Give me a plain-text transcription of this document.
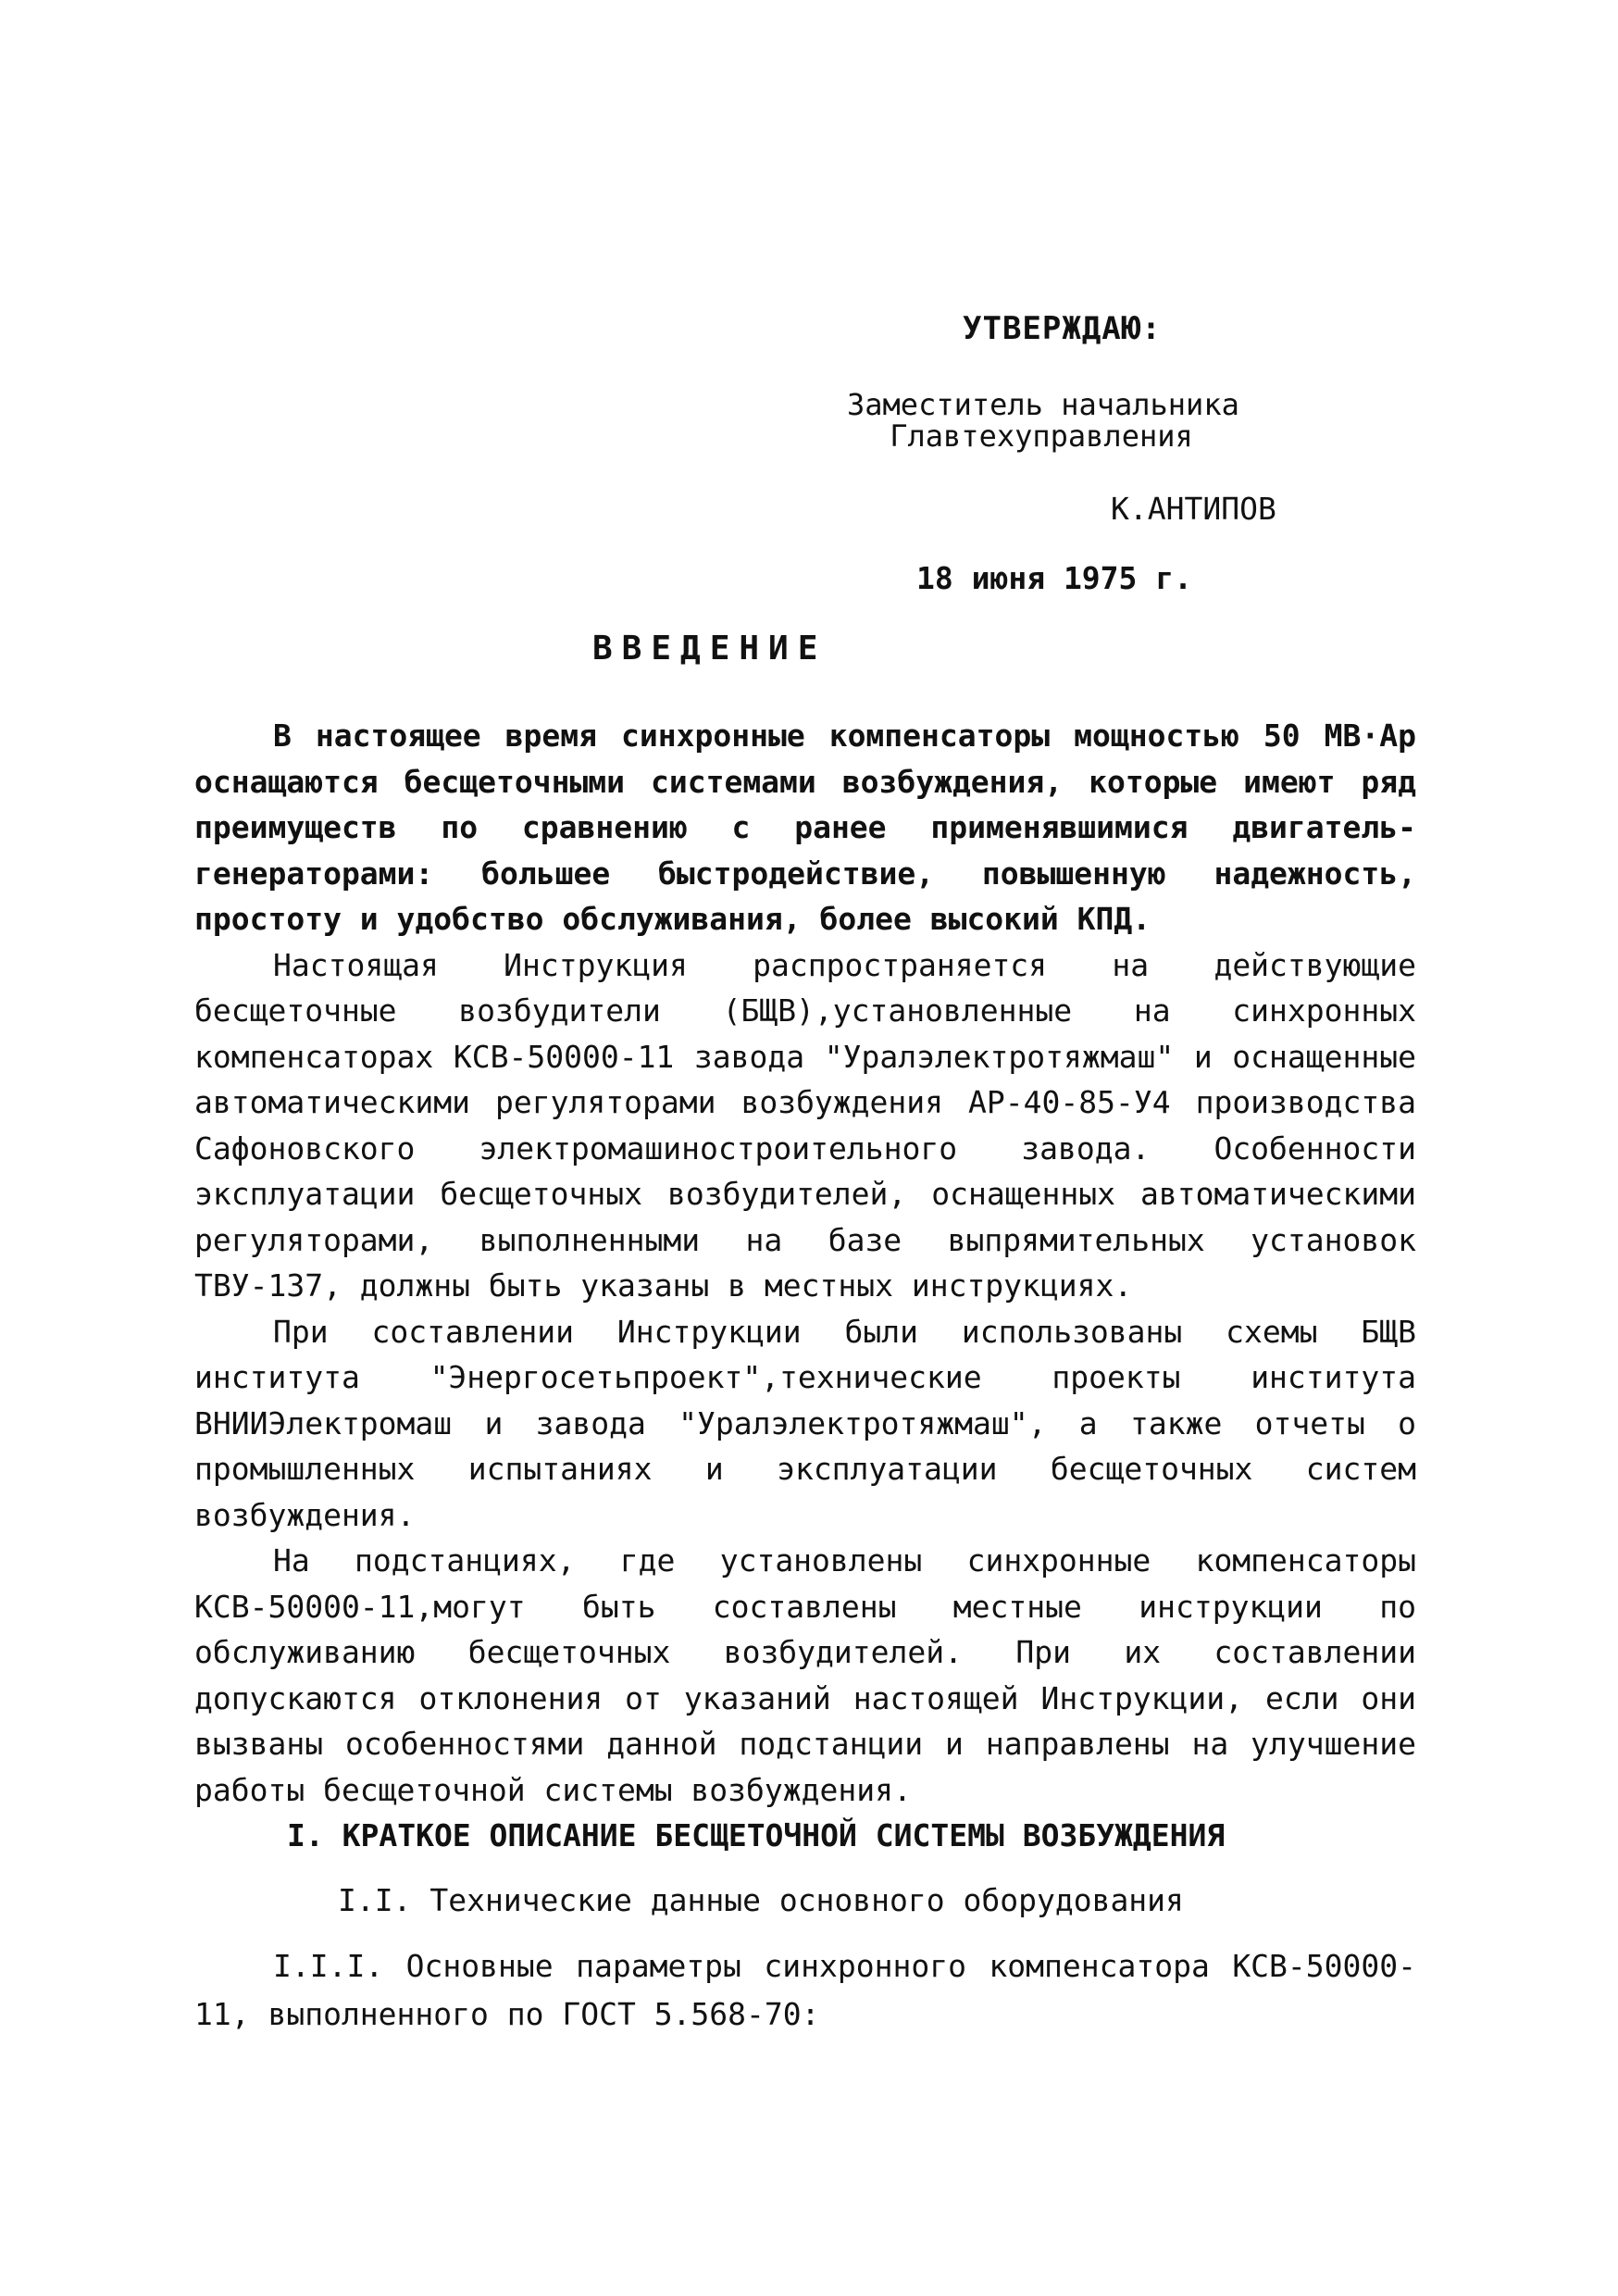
УТВЕРЖДАЮ:
Заместитель начальника
Главтехуправления
К.АНТИПОВ
18 июня 1975 г.
ВВЕДЕНИЕ

В настоящее время синхронные компенсаторы мощностью 50 МВ·Ар оснащаются бесщеточными системами возбуждения, которые имеют ряд преимуществ по сравнению с ранее применявшимися двигатель-генераторами: большее быстродействие, повышенную надежность, простоту и удобство обслуживания, более высокий КПД.

Настоящая Инструкция распространяется на действующие бесщеточные возбудители (БЩВ),установленные на синхронных компенсаторах КСВ-50000-11 завода "Уралэлектротяжмаш" и оснащенные автоматическими регуляторами возбуждения АР-40-85-У4 производства Сафоновского электромашиностроительного завода. Особенности эксплуатации бесщеточных возбудителей, оснащенных автоматическими регуляторами, выполненными на базе выпрямительных установок ТВУ-137, должны быть указаны в местных инструкциях.

При составлении Инструкции были использованы схемы БЩВ института "Энергосетьпроект",технические проекты института ВНИИЭлектромаш и завода "Уралэлектротяжмаш", а также отчеты о промышленных испытаниях и эксплуатации бесщеточных систем возбуждения.

На подстанциях, где установлены синхронные компенсаторы КСВ-50000-11,могут быть составлены местные инструкции по обслуживанию бесщеточных возбудителей. При их составлении допускаются отклонения от указаний настоящей Инструкции, если они вызваны особенностями данной подстанции и направлены на улучшение работы бесщеточной системы возбуждения.

I. КРАТКОЕ ОПИСАНИЕ БЕСЩЕТОЧНОЙ СИСТЕМЫ ВОЗБУЖДЕНИЯ
I.I. Технические данные основного оборудования

I.I.I. Основные параметры синхронного компенсатора КСВ-50000-11, выполненного по ГОСТ 5.568-70:
